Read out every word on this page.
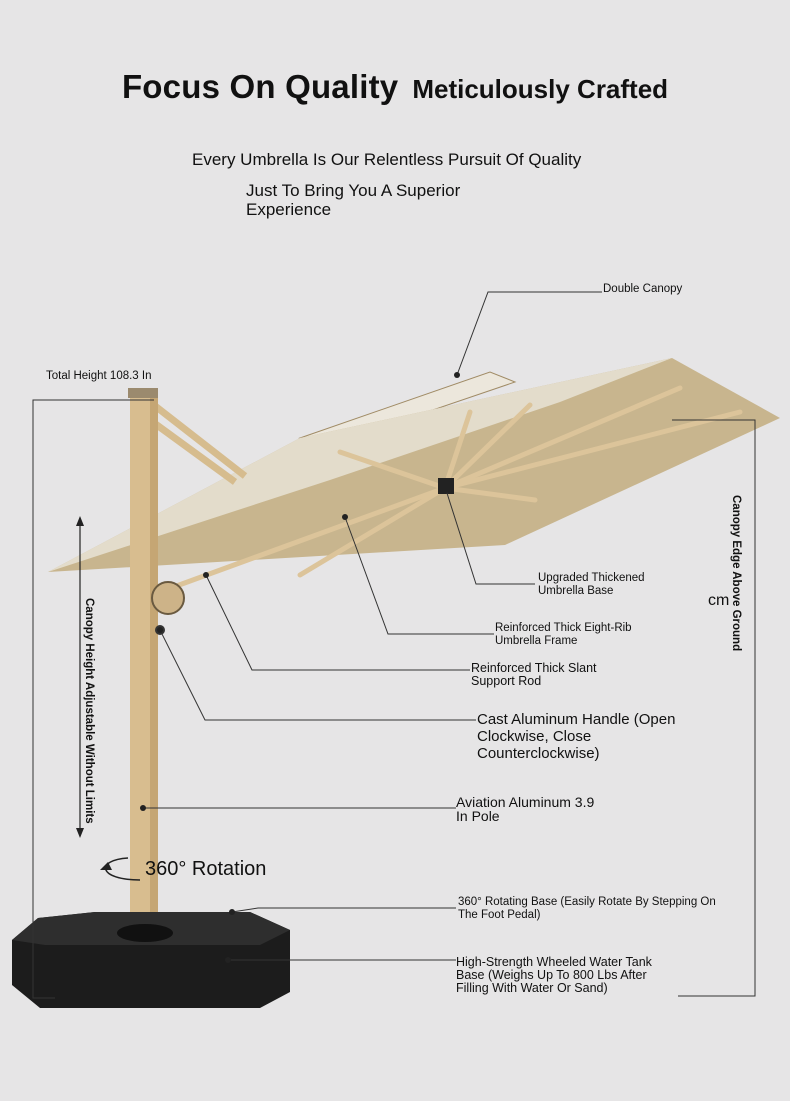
Focus On Quality Meticulously Crafted
Every Umbrella Is Our Relentless Pursuit Of Quality
Just To Bring You A Superior Experience
Total Height 108.3 In
Canopy Height Adjustable Without Limits
Canopy Edge Above Ground
cm
Double Canopy
Upgraded Thickened Umbrella Base
Reinforced Thick Eight-Rib Umbrella Frame
Reinforced Thick Slant Support Rod
Cast Aluminum Handle (Open Clockwise, Close Counterclockwise)
Aviation Aluminum 3.9 In Pole
360° Rotation
360° Rotating Base (Easily Rotate By Stepping On The Foot Pedal)
High-Strength Wheeled Water Tank Base (Weighs Up To 800 Lbs After Filling With Water Or Sand)
